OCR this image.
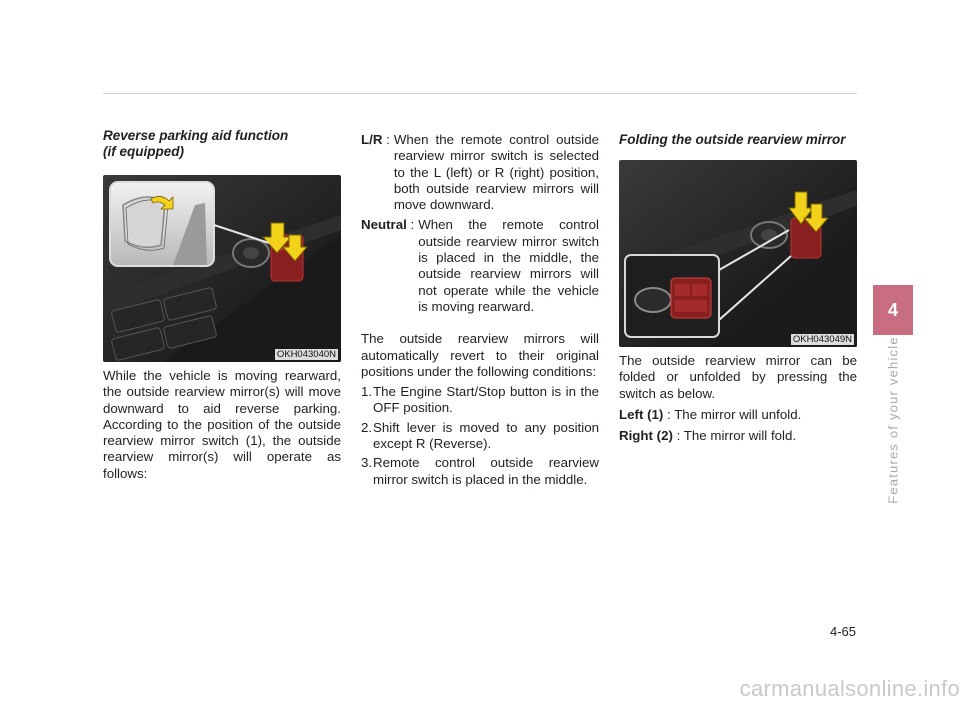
Reverse parking aid function
(if equipped)
OKH043040N

While the vehicle is moving rearward, the outside rearview mirror(s) will move downward to aid reverse parking. According to the position of the outside rearview mirror switch (1), the outside rearview mirror(s) will operate as follows:

L/R : When the remote control outside rearview mirror switch is selected to the L (left) or R (right) position, both outside rearview mirrors will move downward.
Neutral : When the remote control outside rearview mirror switch is placed in the middle, the outside rearview mirrors will not operate while the vehicle is moving rearward.

The outside rearview mirrors will automatically revert to their original positions under the following conditions:

1. The Engine Start/Stop button is in the OFF position.
2. Shift lever is moved to any position except R (Reverse).
3. Remote control outside rearview mirror switch is placed in the middle.
Folding the outside rearview mirror
OKH043049N

The outside rearview mirror can be folded or unfolded by pressing the switch as below.

Left (1) : The mirror will unfold.

Right (2) : The mirror will fold.

4
Features of your vehicle
4-65
carmanualsonline.info
